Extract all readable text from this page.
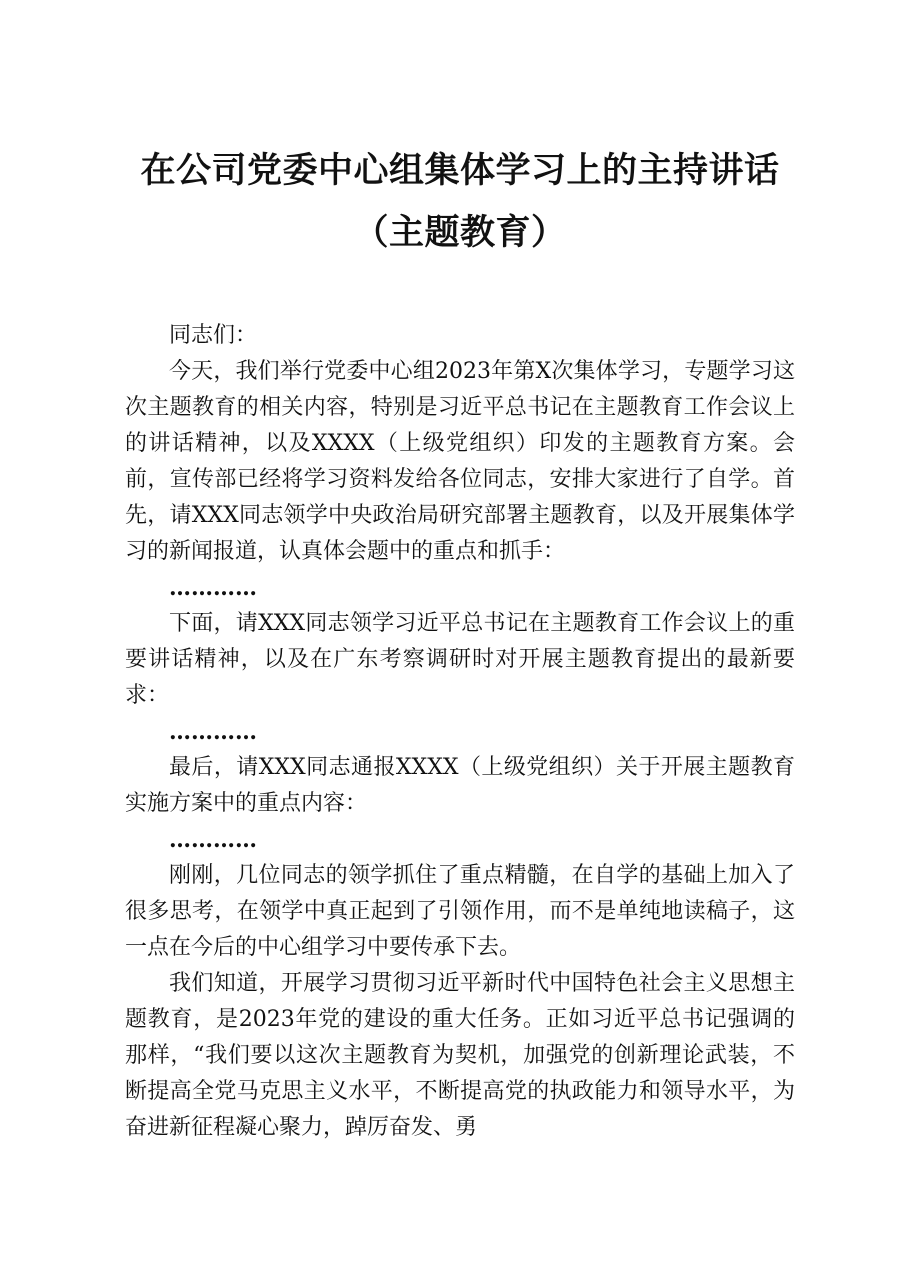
在公司党委中心组集体学习上的主持讲话（主题教育）

同志们：

今天，我们举行党委中心组2023年第X次集体学习，专题学习这次主题教育的相关内容，特别是习近平总书记在主题教育工作会议上的讲话精神，以及XXXX（上级党组织）印发的主题教育方案。会前，宣传部已经将学习资料发给各位同志，安排大家进行了自学。首先，请XXX同志领学中央政治局研究部署主题教育，以及开展集体学习的新闻报道，认真体会题中的重点和抓手：

…………

下面，请XXX同志领学习近平总书记在主题教育工作会议上的重要讲话精神，以及在广东考察调研时对开展主题教育提出的最新要求：

…………

最后，请XXX同志通报XXXX（上级党组织）关于开展主题教育实施方案中的重点内容：

…………

刚刚，几位同志的领学抓住了重点精髓，在自学的基础上加入了很多思考，在领学中真正起到了引领作用，而不是单纯地读稿子，这一点在今后的中心组学习中要传承下去。

我们知道，开展学习贯彻习近平新时代中国特色社会主义思想主题教育，是2023年党的建设的重大任务。正如习近平总书记强调的那样，“我们要以这次主题教育为契机，加强党的创新理论武装，不断提高全党马克思主义水平，不断提高党的执政能力和领导水平，为奋进新征程凝心聚力，踔厉奋发、勇
